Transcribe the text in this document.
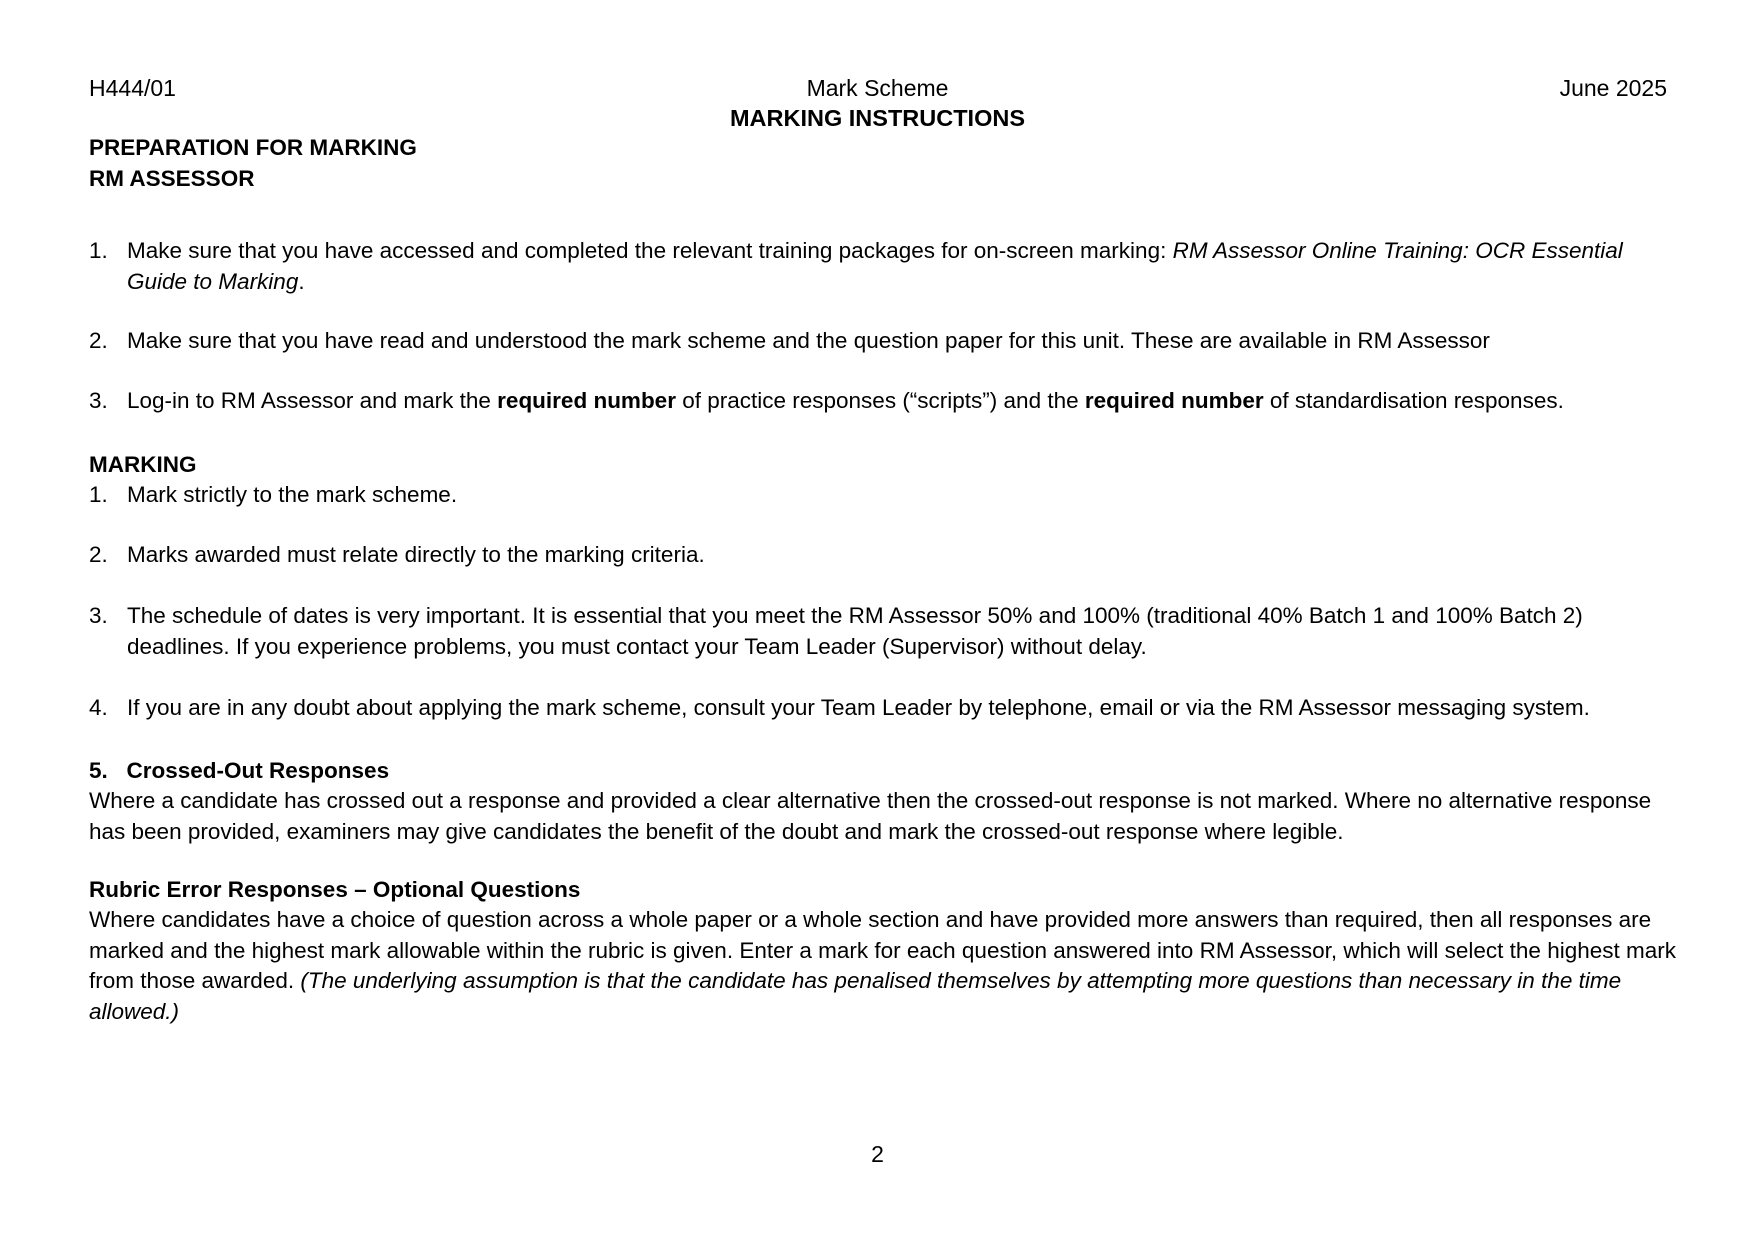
H444/01	Mark Scheme	June 2025
MARKING INSTRUCTIONS
PREPARATION FOR MARKING
RM ASSESSOR
1. Make sure that you have accessed and completed the relevant training packages for on-screen marking: RM Assessor Online Training: OCR Essential Guide to Marking.
2. Make sure that you have read and understood the mark scheme and the question paper for this unit. These are available in RM Assessor
3. Log-in to RM Assessor and mark the required number of practice responses (“scripts”) and the required number of standardisation responses.
MARKING
1. Mark strictly to the mark scheme.
2. Marks awarded must relate directly to the marking criteria.
3. The schedule of dates is very important. It is essential that you meet the RM Assessor 50% and 100% (traditional 40% Batch 1 and 100% Batch 2) deadlines. If you experience problems, you must contact your Team Leader (Supervisor) without delay.
4. If you are in any doubt about applying the mark scheme, consult your Team Leader by telephone, email or via the RM Assessor messaging system.
5.   Crossed-Out Responses
Where a candidate has crossed out a response and provided a clear alternative then the crossed-out response is not marked. Where no alternative response has been provided, examiners may give candidates the benefit of the doubt and mark the crossed-out response where legible.
Rubric Error Responses – Optional Questions
Where candidates have a choice of question across a whole paper or a whole section and have provided more answers than required, then all responses are marked and the highest mark allowable within the rubric is given. Enter a mark for each question answered into RM Assessor, which will select the highest mark from those awarded. (The underlying assumption is that the candidate has penalised themselves by attempting more questions than necessary in the time allowed.)
2
